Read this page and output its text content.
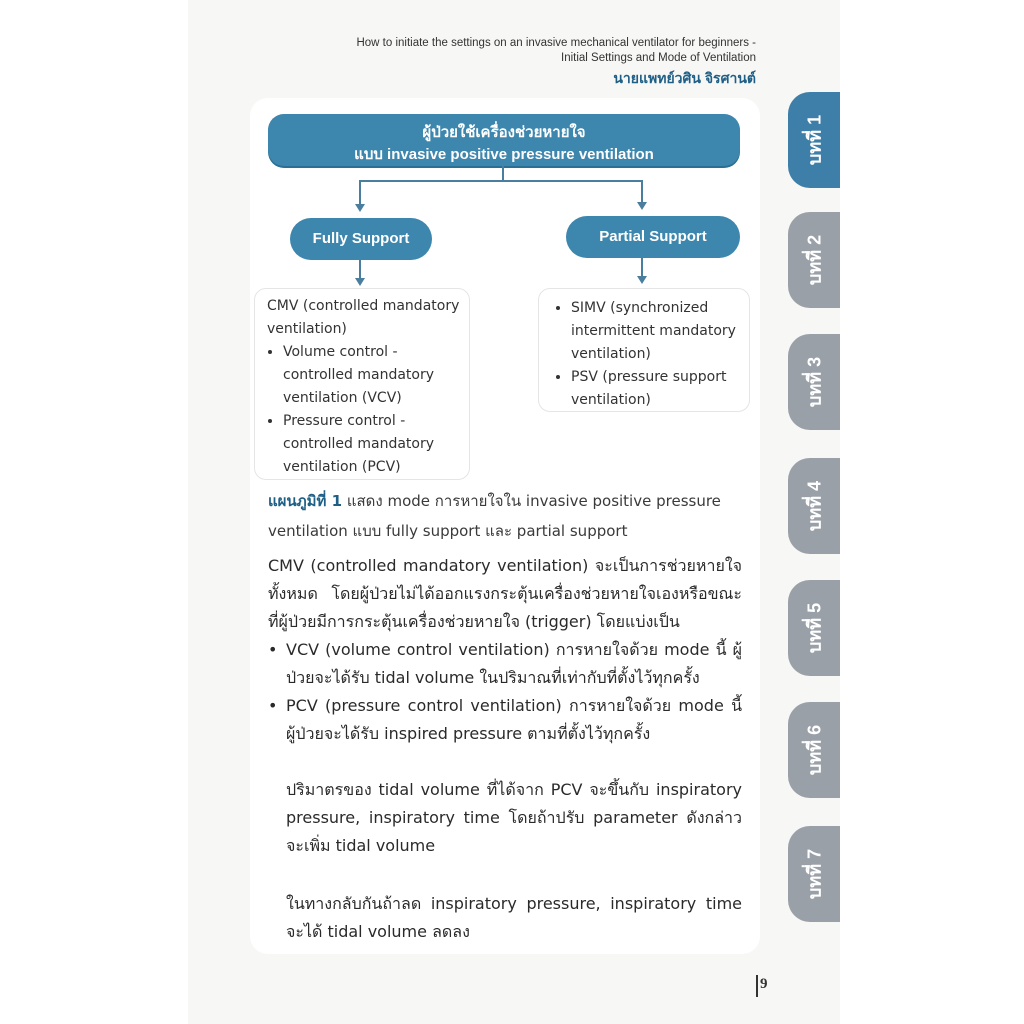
How to initiate the settings on an invasive mechanical ventilator for beginners -
Initial Settings and Mode of Ventilation
นายแพทย์วศิน จิรศานต์
ผู้ป่วยใช้เครื่องช่วยหายใจ
แบบ invasive positive pressure ventilation
Fully Support	Partial Support
CMV (controlled mandatory ventilation)
• Volume control - controlled mandatory ventilation (VCV)
• Pressure control - controlled mandatory ventilation (PCV)
• SIMV (synchronized intermittent mandatory ventilation)
• PSV (pressure support ventilation)
แผนภูมิที่ 1 แสดง mode การหายใจใน invasive positive pressure ventilation แบบ fully support และ partial support
CMV (controlled mandatory ventilation) จะเป็นการช่วยหายใจทั้งหมด โดยผู้ป่วยไม่ได้ออกแรงกระตุ้นเครื่องช่วยหายใจเองหรือขณะที่ผู้ป่วยมีการกระตุ้นเครื่องช่วยหายใจ (trigger) โดยแบ่งเป็น
• VCV (volume control ventilation) การหายใจด้วย mode นี้ ผู้ป่วยจะได้รับ tidal volume ในปริมาณที่เท่ากับที่ตั้งไว้ทุกครั้ง
• PCV (pressure control ventilation) การหายใจด้วย mode นี้ ผู้ป่วยจะได้รับ inspired pressure ตามที่ตั้งไว้ทุกครั้ง
ปริมาตรของ tidal volume ที่ได้จาก PCV จะขึ้นกับ inspiratory pressure, inspiratory time โดยถ้าปรับ parameter ดังกล่าว จะเพิ่ม tidal volume
ในทางกลับกันถ้าลด inspiratory pressure, inspiratory time จะได้ tidal volume ลดลง
บทที่ 1
บทที่ 2
บทที่ 3
บทที่ 4
บทที่ 5
บทที่ 6
บทที่ 7
9
